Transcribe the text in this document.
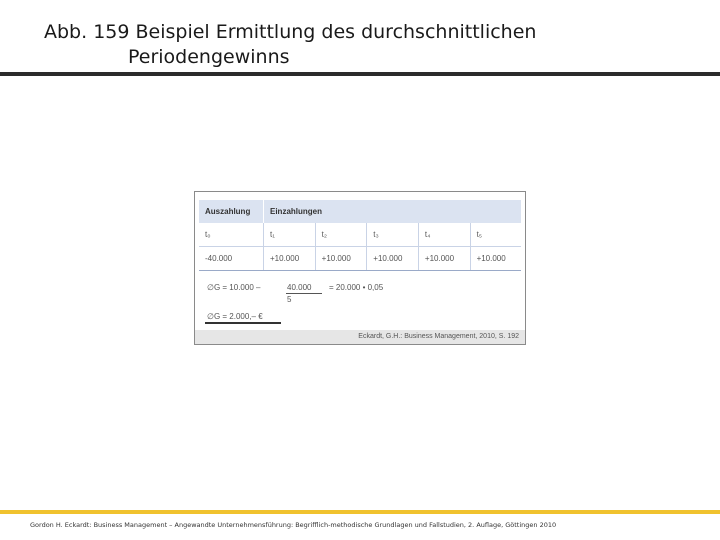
Abb. 159 Beispiel Ermittlung des durchschnittlichen
Periodengewinns
Auszahlung	Einzahlungen				
t₀	t₁	t₂	t₃	t₄	t₅
-40.000	+10.000	+10.000	+10.000	+10.000	+10.000
∅G = 10.000 –	40.000
5
= 20.000 • 0,05
∅G = 2.000,– €
Eckardt, G.H.: Business Management, 2010, S. 192
Gordon H. Eckardt: Business Management – Angewandte Unternehmensführung: Begrifflich-methodische Grundlagen und Fallstudien, 2. Auflage, Göttingen 2010
